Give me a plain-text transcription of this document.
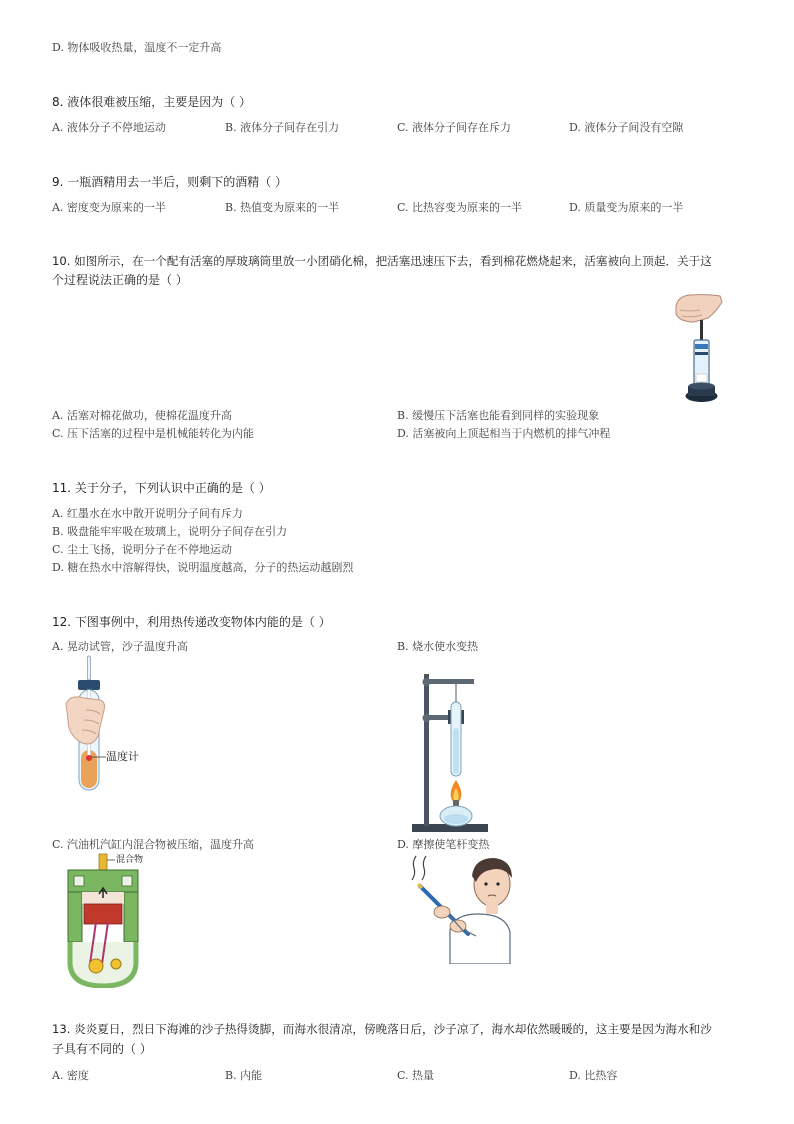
D. 物体吸收热量，温度不一定升高
8. 液体很难被压缩，主要是因为（ ）
A. 液体分子不停地运动	B. 液体分子间存在引力	C. 液体分子间存在斥力	D. 液体分子间没有空隙
9. 一瓶酒精用去一半后，则剩下的酒精（ ）
A. 密度变为原来的一半	B. 热值变为原来的一半	C. 比热容变为原来的一半	D. 质量变为原来的一半
10. 如图所示，在一个配有活塞的厚玻璃筒里放一小团硝化棉，把活塞迅速压下去，看到棉花燃烧起来，活塞被向上顶起．关于这
个过程说法正确的是（ ）
A. 活塞对棉花做功，使棉花温度升高	B. 缓慢压下活塞也能看到同样的实验现象
C. 压下活塞的过程中是机械能转化为内能	D. 活塞被向上顶起相当于内燃机的排气冲程
11. 关于分子，下列认识中正确的是（ ）
A. 红墨水在水中散开说明分子间有斥力
B. 吸盘能牢牢吸在玻璃上，说明分子间存在引力
C. 尘土飞扬，说明分子在不停地运动
D. 糖在热水中溶解得快，说明温度越高，分子的热运动越剧烈
12. 下图事例中，利用热传递改变物体内能的是（ ）
A. 晃动试管，沙子温度升高	B. 烧水使水变热
温度计
C. 汽油机汽缸内混合物被压缩，温度升高	D. 摩擦使笔杆变热
混合物
13. 炎炎夏日，烈日下海滩的沙子热得烫脚，而海水很清凉，傍晚落日后，沙子凉了，海水却依然暖暖的，这主要是因为海水和沙
子具有不同的（ ）
A. 密度	B. 内能	C. 热量	D. 比热容
